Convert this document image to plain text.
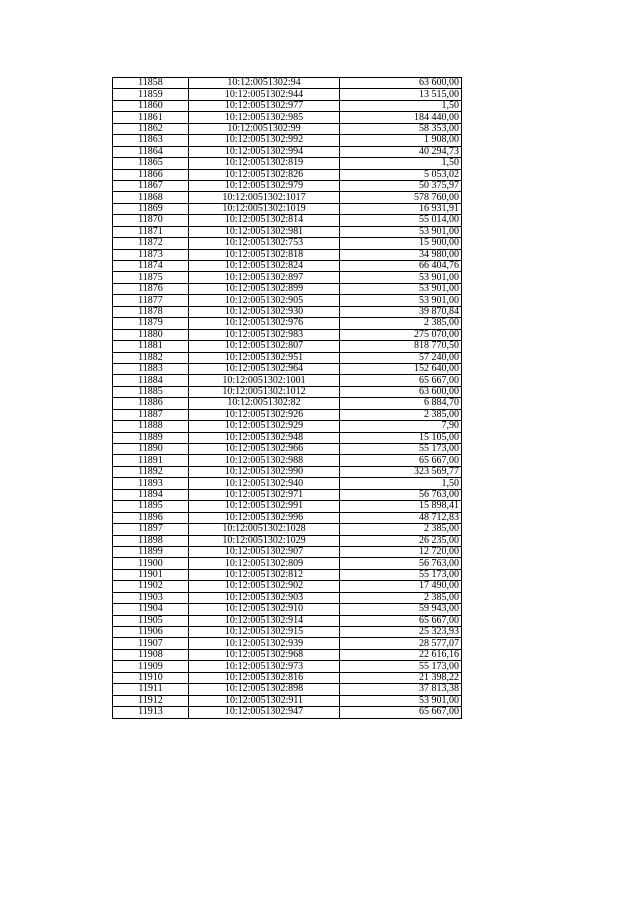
11858	10:12:0051302:94	63 600,00
11859	10:12:0051302:944	13 515,00
11860	10:12:0051302:977	1,50
11861	10:12:0051302:985	184 440,00
11862	10:12:0051302:99	58 353,00
11863	10:12:0051302:992	1 908,00
11864	10:12:0051302:994	40 294,73
11865	10:12:0051302:819	1,50
11866	10:12:0051302:826	5 053,02
11867	10:12:0051302:979	50 375,97
11868	10:12:0051302:1017	578 760,00
11869	10:12:0051302:1019	16 931,91
11870	10:12:0051302:814	55 014,00
11871	10:12:0051302:981	53 901,00
11872	10:12:0051302:753	15 900,00
11873	10:12:0051302:818	34 980,00
11874	10:12:0051302:824	66 404,76
11875	10:12:0051302:897	53 901,00
11876	10:12:0051302:899	53 901,00
11877	10:12:0051302:905	53 901,00
11878	10:12:0051302:930	39 870,84
11879	10:12:0051302:976	2 385,00
11880	10:12:0051302:983	275 070,00
11881	10:12:0051302:807	818 770,50
11882	10:12:0051302:951	57 240,00
11883	10:12:0051302:964	152 640,00
11884	10:12:0051302:1001	65 667,00
11885	10:12:0051302:1012	63 600,00
11886	10:12:0051302:82	6 884,70
11887	10:12:0051302:926	2 385,00
11888	10:12:0051302:929	7,90
11889	10:12:0051302:948	15 105,00
11890	10:12:0051302:966	55 173,00
11891	10:12:0051302:988	65 667,00
11892	10:12:0051302:990	323 569,77
11893	10:12:0051302:940	1,50
11894	10:12:0051302:971	56 763,00
11895	10:12:0051302:991	15 898,41
11896	10:12:0051302:996	48 712,83
11897	10:12:0051302:1028	2 385,00
11898	10:12:0051302:1029	26 235,00
11899	10:12:0051302:907	12 720,00
11900	10:12:0051302:809	56 763,00
11901	10:12:0051302:812	55 173,00
11902	10:12:0051302:902	17 490,00
11903	10:12:0051302:903	2 385,00
11904	10:12:0051302:910	59 943,00
11905	10:12:0051302:914	65 667,00
11906	10:12:0051302:915	25 323,93
11907	10:12:0051302:939	28 577,07
11908	10:12:0051302:968	22 616,16
11909	10:12:0051302:973	55 173,00
11910	10:12:0051302:816	21 398,22
11911	10:12:0051302:898	37 813,38
11912	10:12:0051302:911	53 901,00
11913	10:12:0051302:947	65 667,00
